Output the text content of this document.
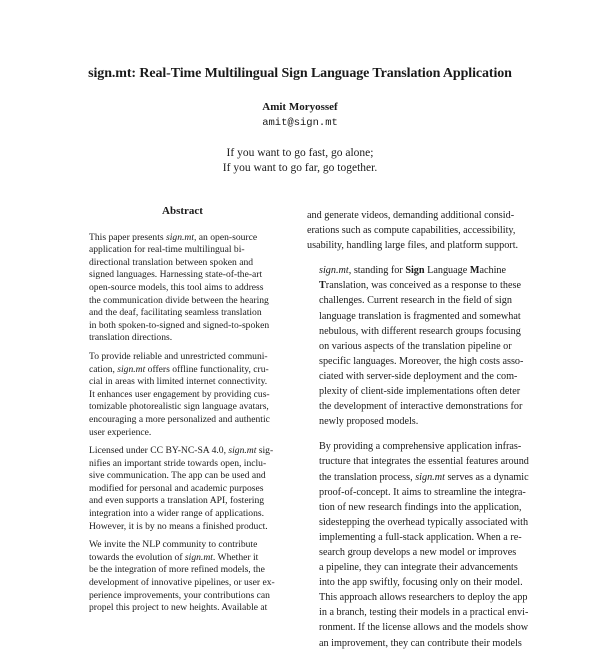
sign.mt: Real-Time Multilingual Sign Language Translation Application
Amit Moryossef
amit@sign.mt
If you want to go fast, go alone;
If you want to go far, go together.
Abstract

This paper presents sign.mt, an open-source
application for real-time multilingual bi-
directional translation between spoken and
signed languages. Harnessing state-of-the-art
open-source models, this tool aims to address
the communication divide between the hearing
and the deaf, facilitating seamless translation
in both spoken-to-signed and signed-to-spoken
translation directions.

To provide reliable and unrestricted communi-
cation, sign.mt offers offline functionality, cru-
cial in areas with limited internet connectivity.
It enhances user engagement by providing cus-
tomizable photorealistic sign language avatars,
encouraging a more personalized and authentic
user experience.

Licensed under CC BY-NC-SA 4.0, sign.mt sig-
nifies an important stride towards open, inclu-
sive communication. The app can be used and
modified for personal and academic purposes
and even supports a translation API, fostering
integration into a wider range of applications.
However, it is by no means a finished product.

We invite the NLP community to contribute
towards the evolution of sign.mt. Whether it
be the integration of more refined models, the
development of innovative pipelines, or user ex-
perience improvements, your contributions can
propel this project to new heights. Available at

and generate videos, demanding additional consid-
erations such as compute capabilities, accessibility,
usability, handling large files, and platform support.

sign.mt, standing for Sign Language Machine
Translation, was conceived as a response to these
challenges. Current research in the field of sign
language translation is fragmented and somewhat
nebulous, with different research groups focusing
on various aspects of the translation pipeline or
specific languages. Moreover, the high costs asso-
ciated with server-side deployment and the com-
plexity of client-side implementations often deter
the development of interactive demonstrations for
newly proposed models.

By providing a comprehensive application infras-
tructure that integrates the essential features around
the translation process, sign.mt serves as a dynamic
proof-of-concept. It aims to streamline the integra-
tion of new research findings into the application,
sidestepping the overhead typically associated with
implementing a full-stack application. When a re-
search group develops a new model or improves
a pipeline, they can integrate their advancements
into the app swiftly, focusing only on their model.
This approach allows researchers to deploy the app
in a branch, testing their models in a practical envi-
ronment. If the license allows and the models show
an improvement, they can contribute their models
